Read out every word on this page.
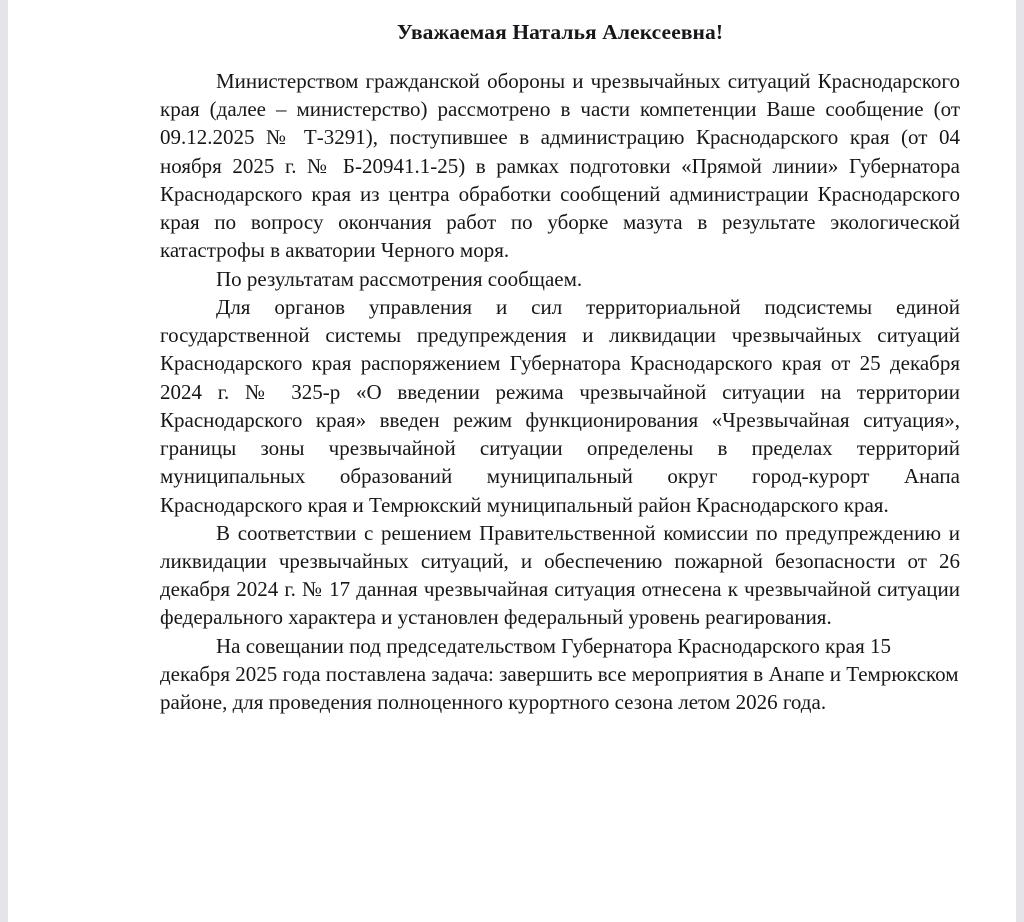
Уважаемая Наталья Алексеевна!

Министерством гражданской обороны и чрезвычайных ситуаций Краснодарского края (далее – министерство) рассмотрено в части компетенции Ваше сообщение (от 09.12.2025 № Т-3291), поступившее в администрацию Краснодарского края (от 04 ноября 2025 г. № Б-20941.1-25) в рамках подготовки «Прямой линии» Губернатора Краснодарского края из центра обработки сообщений администрации Краснодарского края по вопросу окончания работ по уборке мазута в результате экологической катастрофы в акватории Черного моря.

По результатам рассмотрения сообщаем.

Для органов управления и сил территориальной подсистемы единой государственной системы предупреждения и ликвидации чрезвычайных ситуаций Краснодарского края распоряжением Губернатора Краснодарского края от 25 декабря 2024 г. № 325-р «О введении режима чрезвычайной ситуации на территории Краснодарского края» введен режим функционирования «Чрезвычайная ситуация», границы зоны чрезвычайной ситуации определены в пределах территорий муниципальных образований муниципальный округ город-курорт Анапа Краснодарского края и Темрюкский муниципальный район Краснодарского края.

В соответствии с решением Правительственной комиссии по предупреждению и ликвидации чрезвычайных ситуаций, и обеспечению пожарной безопасности от 26 декабря 2024 г. № 17 данная чрезвычайная ситуация отнесена к чрезвычайной ситуации федерального характера и установлен федеральный уровень реагирования.

На совещании под председательством Губернатора Краснодарского края 15 декабря 2025 года поставлена задача: завершить все мероприятия в Анапе и Темрюкском районе, для проведения полноценного курортного сезона летом 2026 года.
